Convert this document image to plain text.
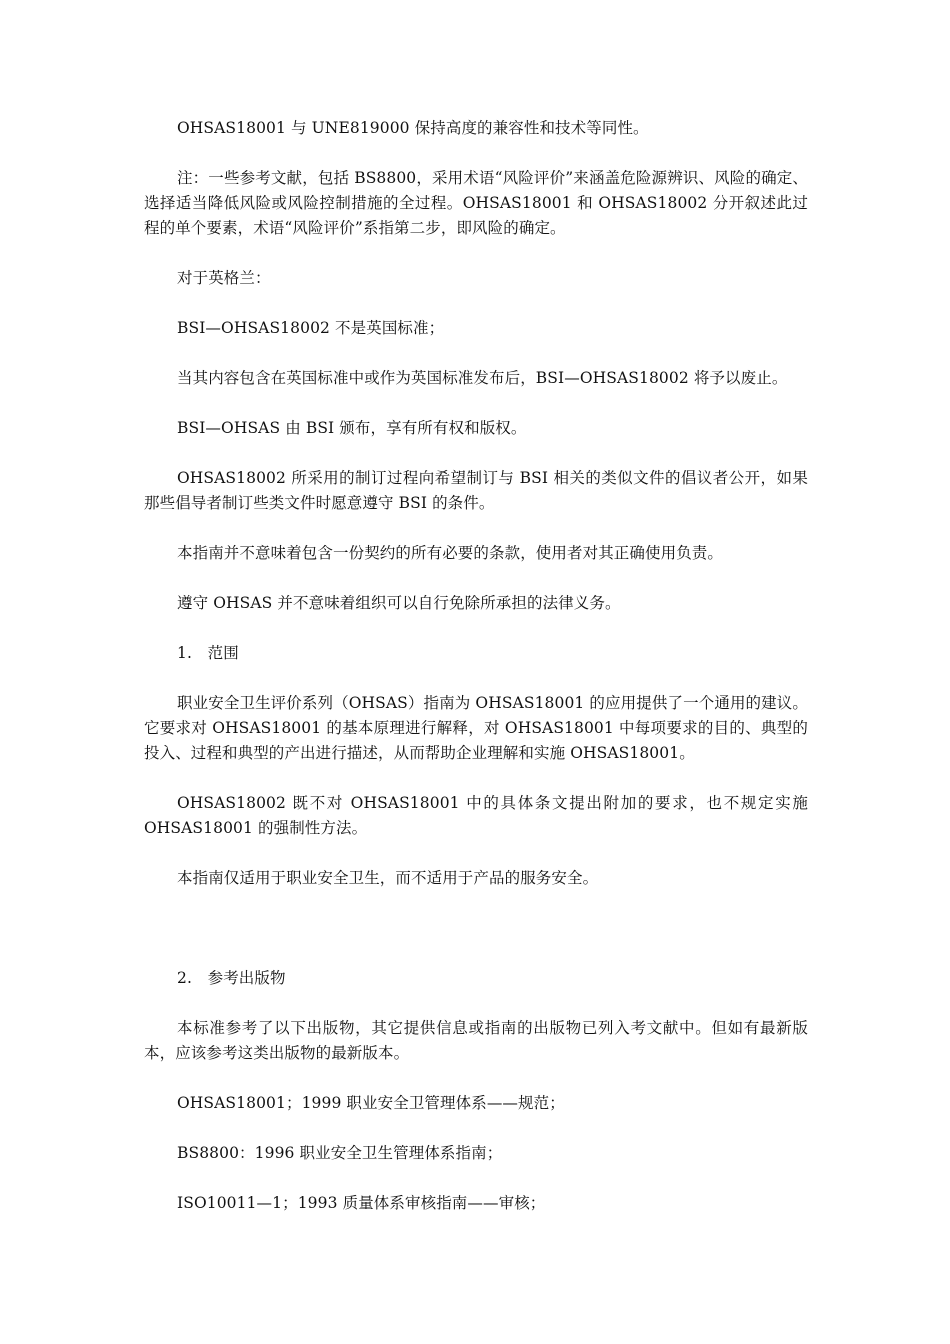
OHSAS18001 与 UNE819000 保持高度的兼容性和技术等同性。

注：一些参考文献，包括 BS8800，采用术语“风险评价”来涵盖危险源辨识、风险的确定、选择适当降低风险或风险控制措施的全过程。OHSAS18001 和 OHSAS18002 分开叙述此过程的单个要素，术语“风险评价”系指第二步，即风险的确定。

对于英格兰：

BSI—OHSAS18002 不是英国标准；

当其内容包含在英国标准中或作为英国标准发布后，BSI—OHSAS18002 将予以废止。

BSI—OHSAS 由 BSI 颁布，享有所有权和版权。

OHSAS18002 所采用的制订过程向希望制订与 BSI 相关的类似文件的倡议者公开，如果那些倡导者制订些类文件时愿意遵守 BSI 的条件。

本指南并不意味着包含一份契约的所有必要的条款，使用者对其正确使用负责。

遵守 OHSAS 并不意味着组织可以自行免除所承担的法律义务。

1.　范围

职业安全卫生评价系列（OHSAS）指南为 OHSAS18001 的应用提供了一个通用的建议。它要求对 OHSAS18001 的基本原理进行解释，对 OHSAS18001 中每项要求的目的、典型的投入、过程和典型的产出进行描述，从而帮助企业理解和实施 OHSAS18001。

OHSAS18002 既不对 OHSAS18001 中的具体条文提出附加的要求，也不规定实施 OHSAS18001 的强制性方法。

本指南仅适用于职业安全卫生，而不适用于产品的服务安全。

2.　参考出版物

本标准参考了以下出版物，其它提供信息或指南的出版物已列入考文献中。但如有最新版本，应该参考这类出版物的最新版本。

OHSAS18001；1999 职业安全卫管理体系——规范；

BS8800：1996 职业安全卫生管理体系指南；

ISO10011—1；1993 质量体系审核指南——审核；
